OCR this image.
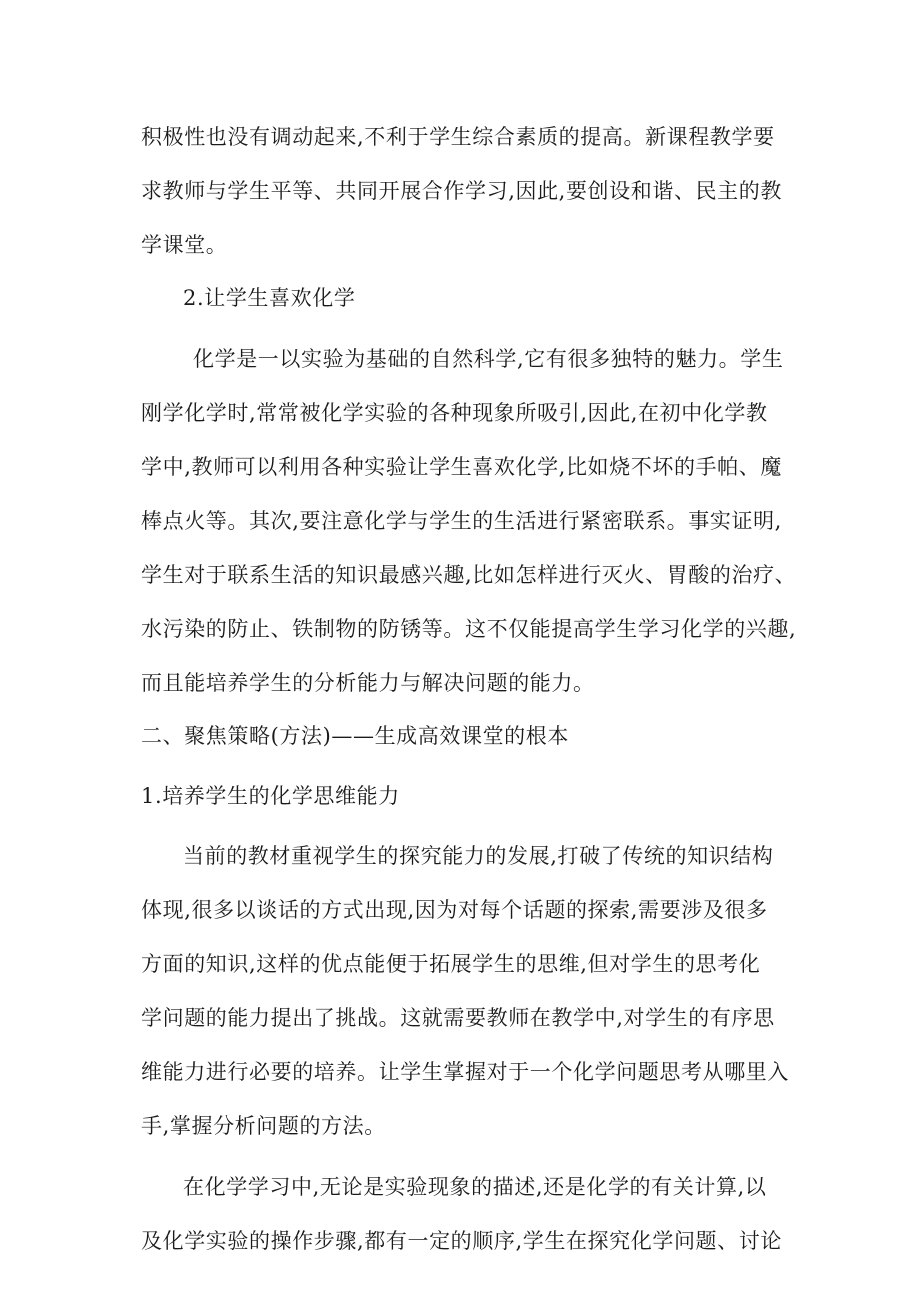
积极性也没有调动起来,不利于学生综合素质的提高。新课程教学要
求教师与学生平等、共同开展合作学习,因此,要创设和谐、民主的教
学课堂。
2.让学生喜欢化学
化学是一以实验为基础的自然科学,它有很多独特的魅力。学生
刚学化学时,常常被化学实验的各种现象所吸引,因此,在初中化学教
学中,教师可以利用各种实验让学生喜欢化学,比如烧不坏的手帕、魔
棒点火等。其次,要注意化学与学生的生活进行紧密联系。事实证明,
学生对于联系生活的知识最感兴趣,比如怎样进行灭火、胃酸的治疗、
水污染的防止、铁制物的防锈等。这不仅能提高学生学习化学的兴趣,
而且能培养学生的分析能力与解决问题的能力。
二、聚焦策略(方法)——生成高效课堂的根本
1.培养学生的化学思维能力
当前的教材重视学生的探究能力的发展,打破了传统的知识结构
体现,很多以谈话的方式出现,因为对每个话题的探索,需要涉及很多
方面的知识,这样的优点能便于拓展学生的思维,但对学生的思考化
学问题的能力提出了挑战。这就需要教师在教学中,对学生的有序思
维能力进行必要的培养。让学生掌握对于一个化学问题思考从哪里入
手,掌握分析问题的方法。
在化学学习中,无论是实验现象的描述,还是化学的有关计算,以
及化学实验的操作步骤,都有一定的顺序,学生在探究化学问题、讨论
